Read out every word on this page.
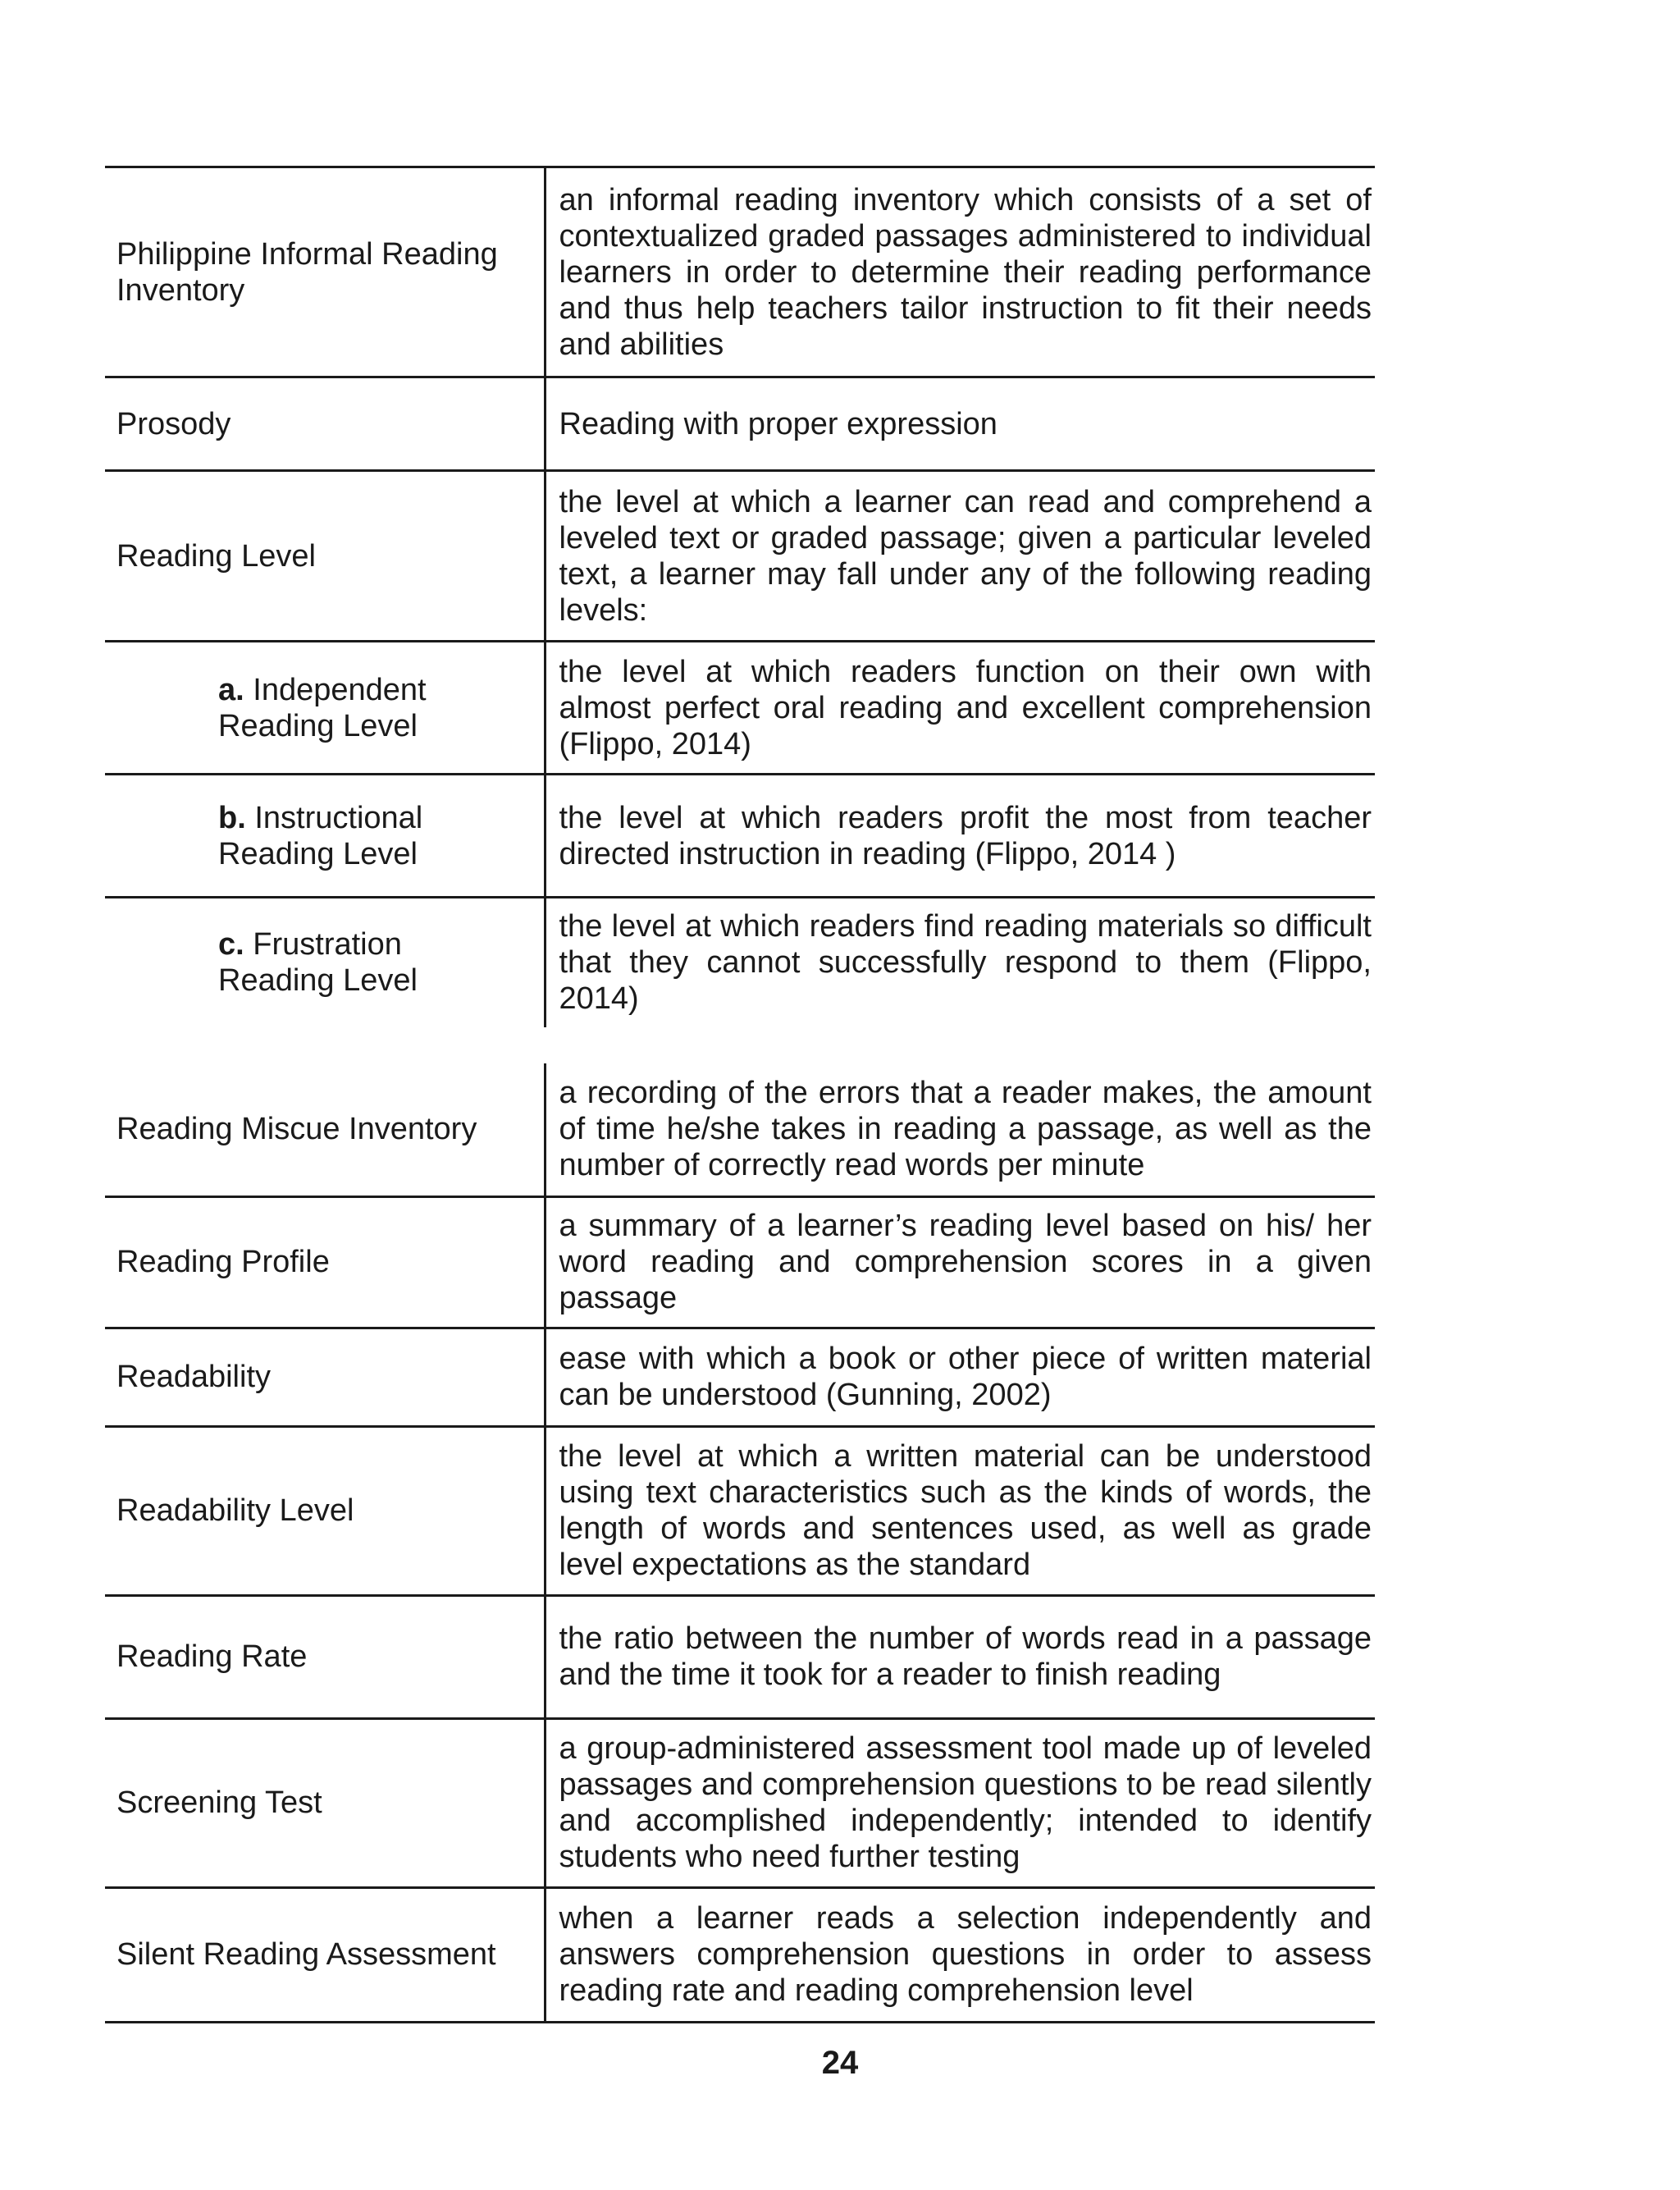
Philippine Informal Reading Inventory	an informal reading inventory which consists of a set of contextualized graded passages administered to individual learners in order to determine their reading performance and thus help teachers tailor instruction to fit their needs and abilities
Prosody	Reading with proper expression
Reading Level	the level at which a learner can read and comprehend a leveled text or graded passage; given a particular leveled text, a learner may fall under any of the following reading levels:
a. Independent Reading Level	the level at which readers function on their own with almost perfect oral reading and excellent comprehension (Flippo, 2014)
b. Instructional Reading Level	the level at which readers profit the most from teacher directed instruction in reading (Flippo, 2014 )
c. Frustration Reading Level	the level at which readers find reading materials so difficult that they cannot successfully respond to them (Flippo, 2014)
Reading Miscue Inventory	a recording of the errors that a reader makes, the amount of time he/she takes in reading a passage, as well as the number of correctly read words per minute
Reading Profile	a summary of a learner’s reading level based on his/ her word reading and comprehension scores in a given passage
Readability	ease with which a book or other piece of written material can be understood (Gunning, 2002)
Readability Level	the level at which a written material can be understood using text characteristics such as the kinds of words, the length of words and sentences used, as well as grade level expectations as the standard
Reading Rate	the ratio between the number of words read in a passage and the time it took for a reader to finish reading
Screening Test	a group-administered assessment tool made up of leveled passages and comprehension questions to be read silently and accomplished independently; intended to identify students who need further testing
Silent Reading Assessment	when a learner reads a selection independently and answers comprehension questions in order to assess reading rate and reading comprehension level
24
